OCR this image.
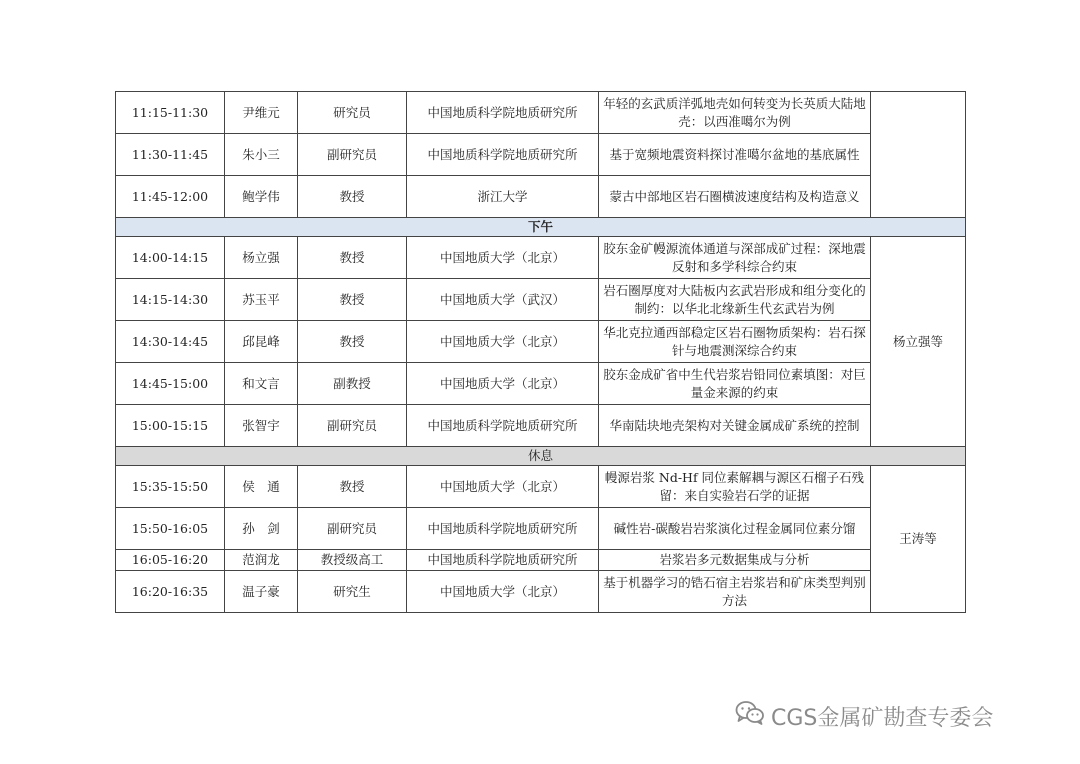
11:15-11:30	尹维元	研究员	中国地质科学院地质研究所	年轻的玄武质洋弧地壳如何转变为长英质大陆地壳：以西准噶尔为例	
11:30-11:45	朱小三	副研究员	中国地质科学院地质研究所	基于宽频地震资料探讨准噶尔盆地的基底属性	
11:45-12:00	鲍学伟	教授	浙江大学	蒙古中部地区岩石圈横波速度结构及构造意义	
下午					
14:00-14:15	杨立强	教授	中国地质大学（北京）	胶东金矿幔源流体通道与深部成矿过程：深地震反射和多学科综合约束	杨立强等
14:15-14:30	苏玉平	教授	中国地质大学（武汉）	岩石圈厚度对大陆板内玄武岩形成和组分变化的制约：以华北北缘新生代玄武岩为例	
14:30-14:45	邱昆峰	教授	中国地质大学（北京）	华北克拉通西部稳定区岩石圈物质架构：岩石探针与地震测深综合约束	
14:45-15:00	和文言	副教授	中国地质大学（北京）	胶东金成矿省中生代岩浆岩铅同位素填图：对巨量金来源的约束	
15:00-15:15	张智宇	副研究员	中国地质科学院地质研究所	华南陆块地壳架构对关键金属成矿系统的控制	
休息					
15:35-15:50	侯　通	教授	中国地质大学（北京）	幔源岩浆 Nd-Hf 同位素解耦与源区石榴子石残留：来自实验岩石学的证据	王涛等
15:50-16:05	孙　剑	副研究员	中国地质科学院地质研究所	碱性岩-碳酸岩岩浆演化过程金属同位素分馏	
16:05-16:20	范润龙	教授级高工	中国地质科学院地质研究所	岩浆岩多元数据集成与分析	
16:20-16:35	温子豪	研究生	中国地质大学（北京）	基于机器学习的锆石宿主岩浆岩和矿床类型判别方法	
CGS金属矿勘查专委会
